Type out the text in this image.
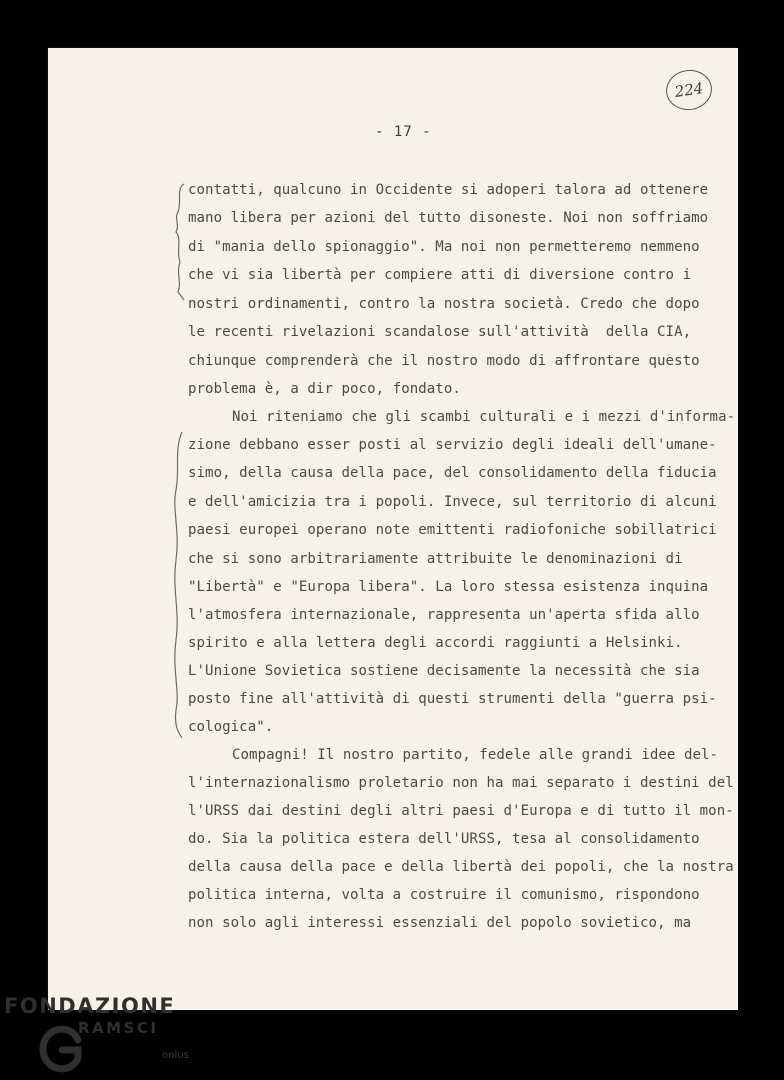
224
- 17 -
contatti, qualcuno in Occidente si adoperi talora ad ottenere
mano libera per azioni del tutto disoneste. Noi non soffriamo
di "mania dello spionaggio". Ma noi non permetteremo nemmeno
che vi sia libertà per compiere atti di diversione contro i
nostri ordinamenti, contro la nostra società. Credo che dopo
le recenti rivelazioni scandalose sull'attività  della CIA,
chiunque comprenderà che il nostro modo di affrontare questo
problema è, a dir poco, fondato.
Noi riteniamo che gli scambi culturali e i mezzi d'informa-
zione debbano esser posti al servizio degli ideali dell'umane-
simo, della causa della pace, del consolidamento della fiducia
e dell'amicizia tra i popoli. Invece, sul territorio di alcuni
paesi europei operano note emittenti radiofoniche sobillatrici
che si sono arbitrariamente attribuite le denominazioni di
"Libertà" e "Europa libera". La loro stessa esistenza inquina
l'atmosfera internazionale, rappresenta un'aperta sfida allo
spirito e alla lettera degli accordi raggiunti a Helsinki.
L'Unione Sovietica sostiene decisamente la necessità che sia
posto fine all'attività di questi strumenti della "guerra psi-
cologica".
Compagni! Il nostro partito, fedele alle grandi idee del-
l'internazionalismo proletario non ha mai separato i destini del
l'URSS dai destini degli altri paesi d'Europa e di tutto il mon-
do. Sia la politica estera dell'URSS, tesa al consolidamento
della causa della pace e della libertà dei popoli, che la nostra
politica interna, volta a costruire il comunismo, rispondono
non solo agli interessi essenziali del popolo sovietico, ma
FONDAZIONE
RAMSCI
onlus
